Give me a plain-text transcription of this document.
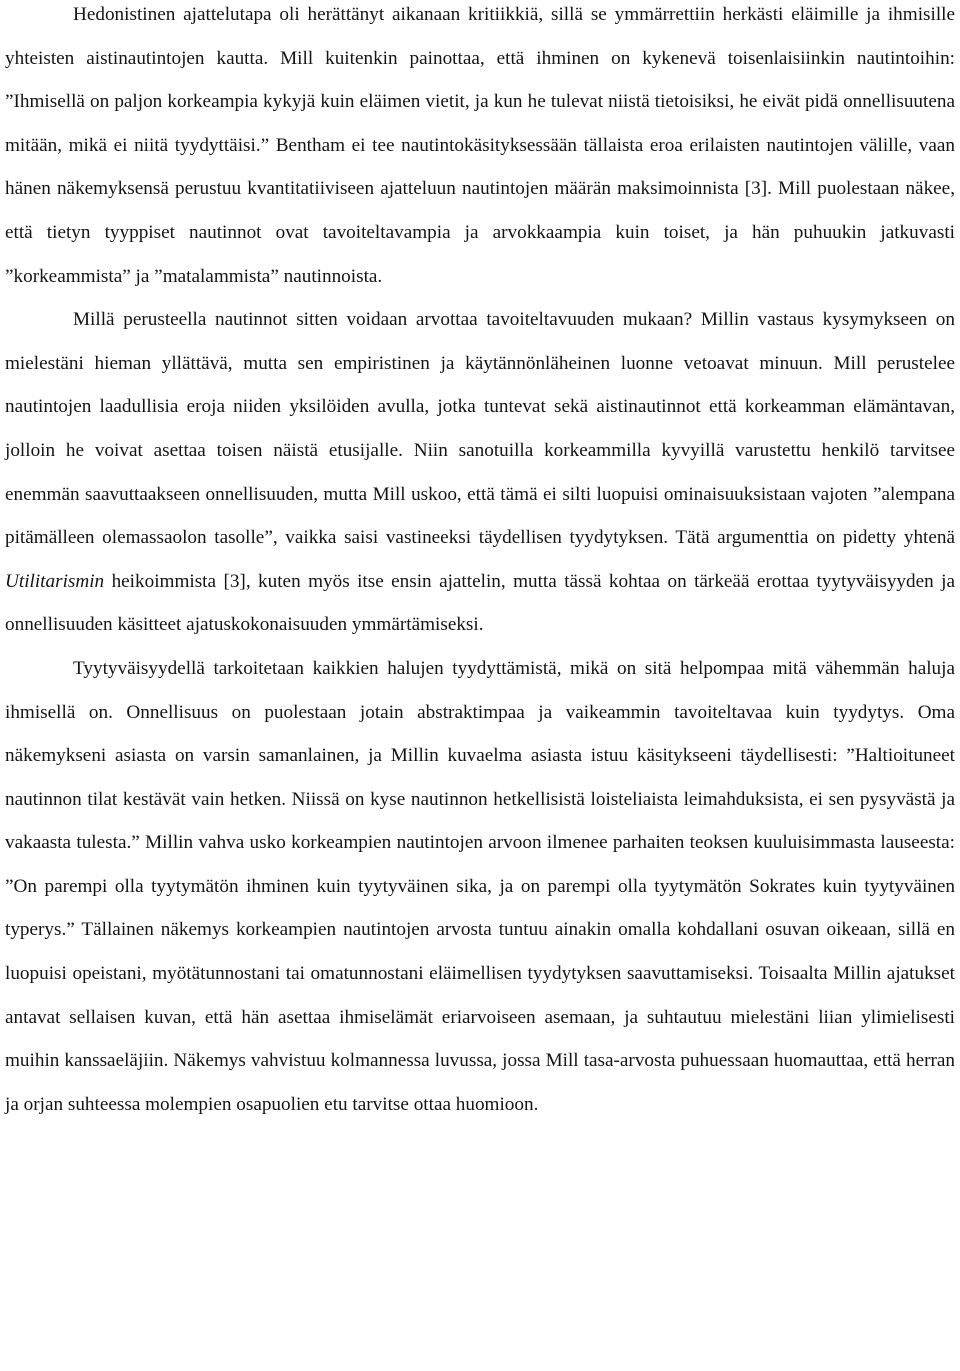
Hedonistinen ajattelutapa oli herättänyt aikanaan kritiikkiä, sillä se ymmärrettiin herkästi eläimille ja ihmisille yhteisten aistinautintojen kautta. Mill kuitenkin painottaa, että ihminen on kykenevä toisenlaisiinkin nautintoihin: ”Ihmisellä on paljon korkeampia kykyjä kuin eläimen vietit, ja kun he tulevat niistä tietoisiksi, he eivät pidä onnellisuutena mitään, mikä ei niitä tyydyttäisi.” Bentham ei tee nautintokäsityksessään tällaista eroa erilaisten nautintojen välille, vaan hänen näkemyksensä perustuu kvantitatiiviseen ajatteluun nautintojen määrän maksimoinnista [3]. Mill puolestaan näkee, että tietyn tyyppiset nautinnot ovat tavoiteltavampia ja arvokkaampia kuin toiset, ja hän puhuukin jatkuvasti ”korkeammista” ja ”matalammista” nautinnoista.

Millä perusteella nautinnot sitten voidaan arvottaa tavoiteltavuuden mukaan? Millin vastaus kysymykseen on mielestäni hieman yllättävä, mutta sen empiristinen ja käytännönläheinen luonne vetoavat minuun. Mill perustelee nautintojen laadullisia eroja niiden yksilöiden avulla, jotka tuntevat sekä aistinautinnot että korkeamman elämäntavan, jolloin he voivat asettaa toisen näistä etusijalle. Niin sanotuilla korkeammilla kyvyillä varustettu henkilö tarvitsee enemmän saavuttaakseen onnellisuuden, mutta Mill uskoo, että tämä ei silti luopuisi ominaisuuksistaan vajoten ”alempana pitämälleen olemassaolon tasolle”, vaikka saisi vastineeksi täydellisen tyydytyksen. Tätä argumenttia on pidetty yhtenä Utilitarismin heikoimmista [3], kuten myös itse ensin ajattelin, mutta tässä kohtaa on tärkeää erottaa tyytyväisyyden ja onnellisuuden käsitteet ajatuskokonaisuuden ymmärtämiseksi.

Tyytyväisyydellä tarkoitetaan kaikkien halujen tyydyttämistä, mikä on sitä helpompaa mitä vähemmän haluja ihmisellä on. Onnellisuus on puolestaan jotain abstraktimpaa ja vaikeammin tavoiteltavaa kuin tyydytys. Oma näkemykseni asiasta on varsin samanlainen, ja Millin kuvaelma asiasta istuu käsitykseeni täydellisesti: ”Haltioituneet nautinnon tilat kestävät vain hetken. Niissä on kyse nautinnon hetkellisistä loisteliaista leimahduksista, ei sen pysyvästä ja vakaasta tulesta.” Millin vahva usko korkeampien nautintojen arvoon ilmenee parhaiten teoksen kuuluisimmasta lauseesta: ”On parempi olla tyytymätön ihminen kuin tyytyväinen sika, ja on parempi olla tyytymätön Sokrates kuin tyytyväinen typerys.” Tällainen näkemys korkeampien nautintojen arvosta tuntuu ainakin omalla kohdallani osuvan oikeaan, sillä en luopuisi opeistani, myötätunnostani tai omatunnostani eläimellisen tyydytyksen saavuttamiseksi. Toisaalta Millin ajatukset antavat sellaisen kuvan, että hän asettaa ihmiselämät eriarvoiseen asemaan, ja suhtautuu mielestäni liian ylimielisesti muihin kanssaeläjiin. Näkemys vahvistuu kolmannessa luvussa, jossa Mill tasa-arvosta puhuessaan huomauttaa, että herran ja orjan suhteessa molempien osapuolien etu tarvitse ottaa huomioon.
